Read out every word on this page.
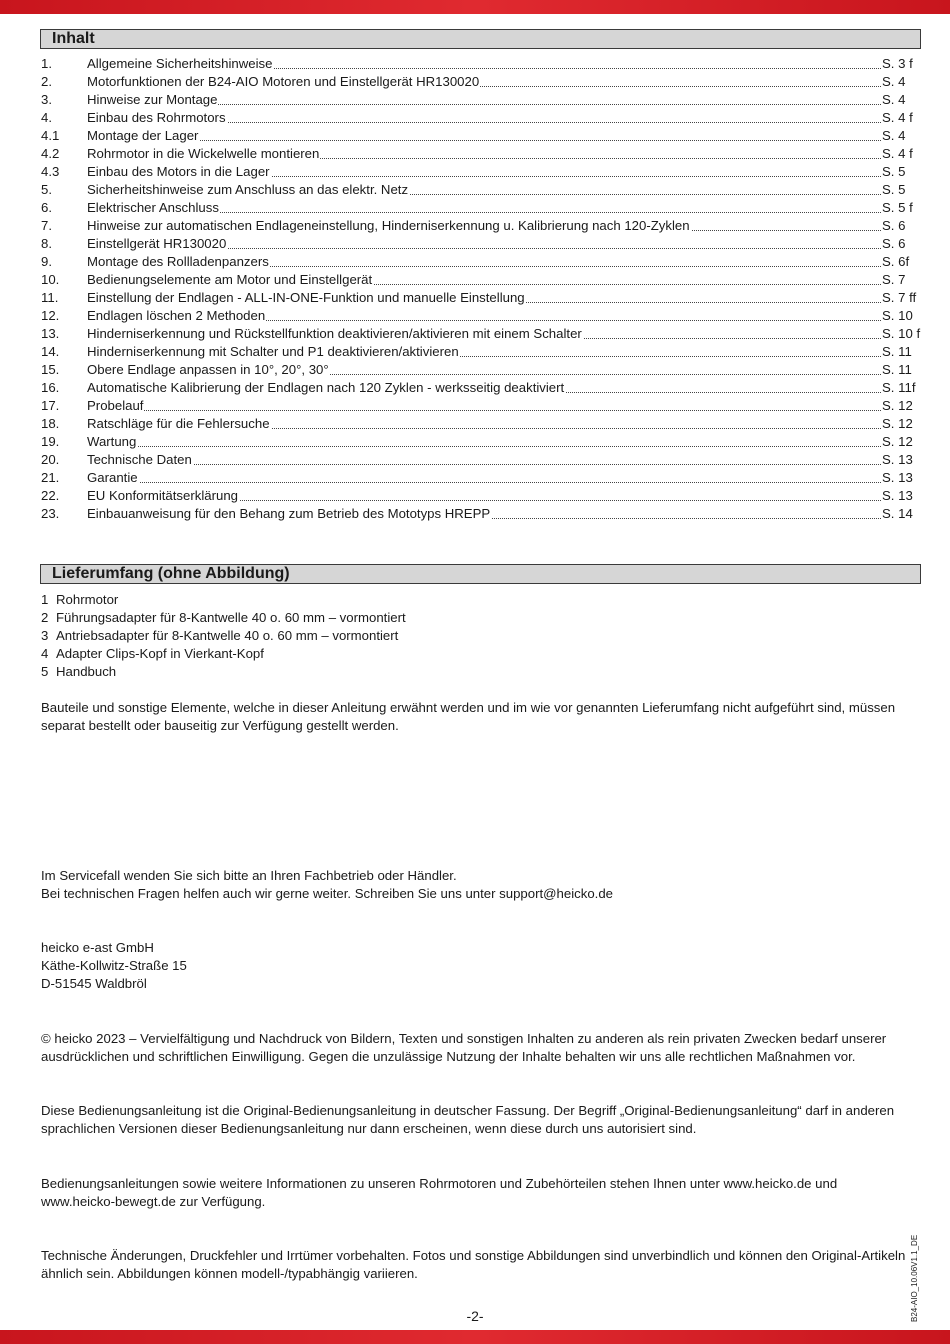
Inhalt
1.	Allgemeine Sicherheitshinweise	S. 3 f
2.	Motorfunktionen der B24-AIO Motoren und Einstellgerät HR130020	S. 4
3.	Hinweise zur Montage	S. 4
4.	Einbau des Rohrmotors	S. 4 f
4.1	Montage der Lager	S. 4
4.2	Rohrmotor in die Wickelwelle montieren	S. 4 f
4.3	Einbau des Motors in die Lager	S. 5
5.	Sicherheitshinweise zum Anschluss an das elektr. Netz	S. 5
6.	Elektrischer Anschluss	S. 5 f
7.	Hinweise zur automatischen Endlageneinstellung, Hinderniserkennung u. Kalibrierung nach 120-Zyklen	S. 6
8.	Einstellgerät HR130020	S. 6
9.	Montage des Rollladenpanzers	S. 6f
10.	Bedienungselemente am Motor und Einstellgerät	S. 7
11.	Einstellung der Endlagen - ALL-IN-ONE-Funktion und manuelle Einstellung	S. 7 ff
12.	Endlagen löschen 2 Methoden	S. 10
13.	Hinderniserkennung und Rückstellfunktion deaktivieren/aktivieren mit einem Schalter	S. 10 f
14.	Hinderniserkennung mit Schalter und P1 deaktivieren/aktivieren	S. 11
15.	Obere Endlage anpassen in 10°, 20°, 30°	S. 11
16.	Automatische Kalibrierung der Endlagen nach 120 Zyklen - werksseitig deaktiviert	S. 11f
17.	Probelauf	S. 12
18.	Ratschläge für die Fehlersuche	S. 12
19.	Wartung	S. 12
20.	Technische Daten	S. 13
21.	Garantie	S. 13
22.	EU Konformitätserklärung	S. 13
23.	Einbauanweisung für den Behang zum Betrieb des Mototyps HREPP	S. 14
Lieferumfang (ohne Abbildung)
1 Rohrmotor
2 Führungsadapter für 8-Kantwelle 40 o. 60 mm – vormontiert
3 Antriebsadapter für 8-Kantwelle 40 o. 60 mm – vormontiert
4 Adapter Clips-Kopf in Vierkant-Kopf
5 Handbuch
Bauteile und sonstige Elemente, welche in dieser Anleitung erwähnt werden und im wie vor genannten Lieferumfang nicht aufgeführt sind, müssen
separat bestellt oder bauseitig zur Verfügung gestellt werden.
Im Servicefall wenden Sie sich bitte an Ihren Fachbetrieb oder Händler.
Bei technischen Fragen helfen auch wir gerne weiter. Schreiben Sie uns unter support@heicko.de
heicko e-ast GmbH
Käthe-Kollwitz-Straße 15
D-51545 Waldbröl
© heicko 2023 – Vervielfältigung und Nachdruck von Bildern, Texten und sonstigen Inhalten zu anderen als rein privaten Zwecken bedarf unserer
ausdrücklichen und schriftlichen Einwilligung. Gegen die unzulässige Nutzung der Inhalte behalten wir uns alle rechtlichen Maßnahmen vor.
Diese Bedienungsanleitung ist die Original-Bedienungsanleitung in deutscher Fassung. Der Begriff „Original-Bedienungsanleitung“ darf in anderen
sprachlichen Versionen dieser Bedienungsanleitung nur dann erscheinen, wenn diese durch uns autorisiert sind.
Bedienungsanleitungen sowie weitere Informationen zu unseren Rohrmotoren und Zubehörteilen stehen Ihnen unter www.heicko.de und
www.heicko-bewegt.de zur Verfügung.
Technische Änderungen, Druckfehler und Irrtümer vorbehalten. Fotos und sonstige Abbildungen sind unverbindlich und können den Original-Artikeln
ähnlich sein. Abbildungen können modell-/typabhängig variieren.	B24-AIO_10.06V1.1_DE
-2-
